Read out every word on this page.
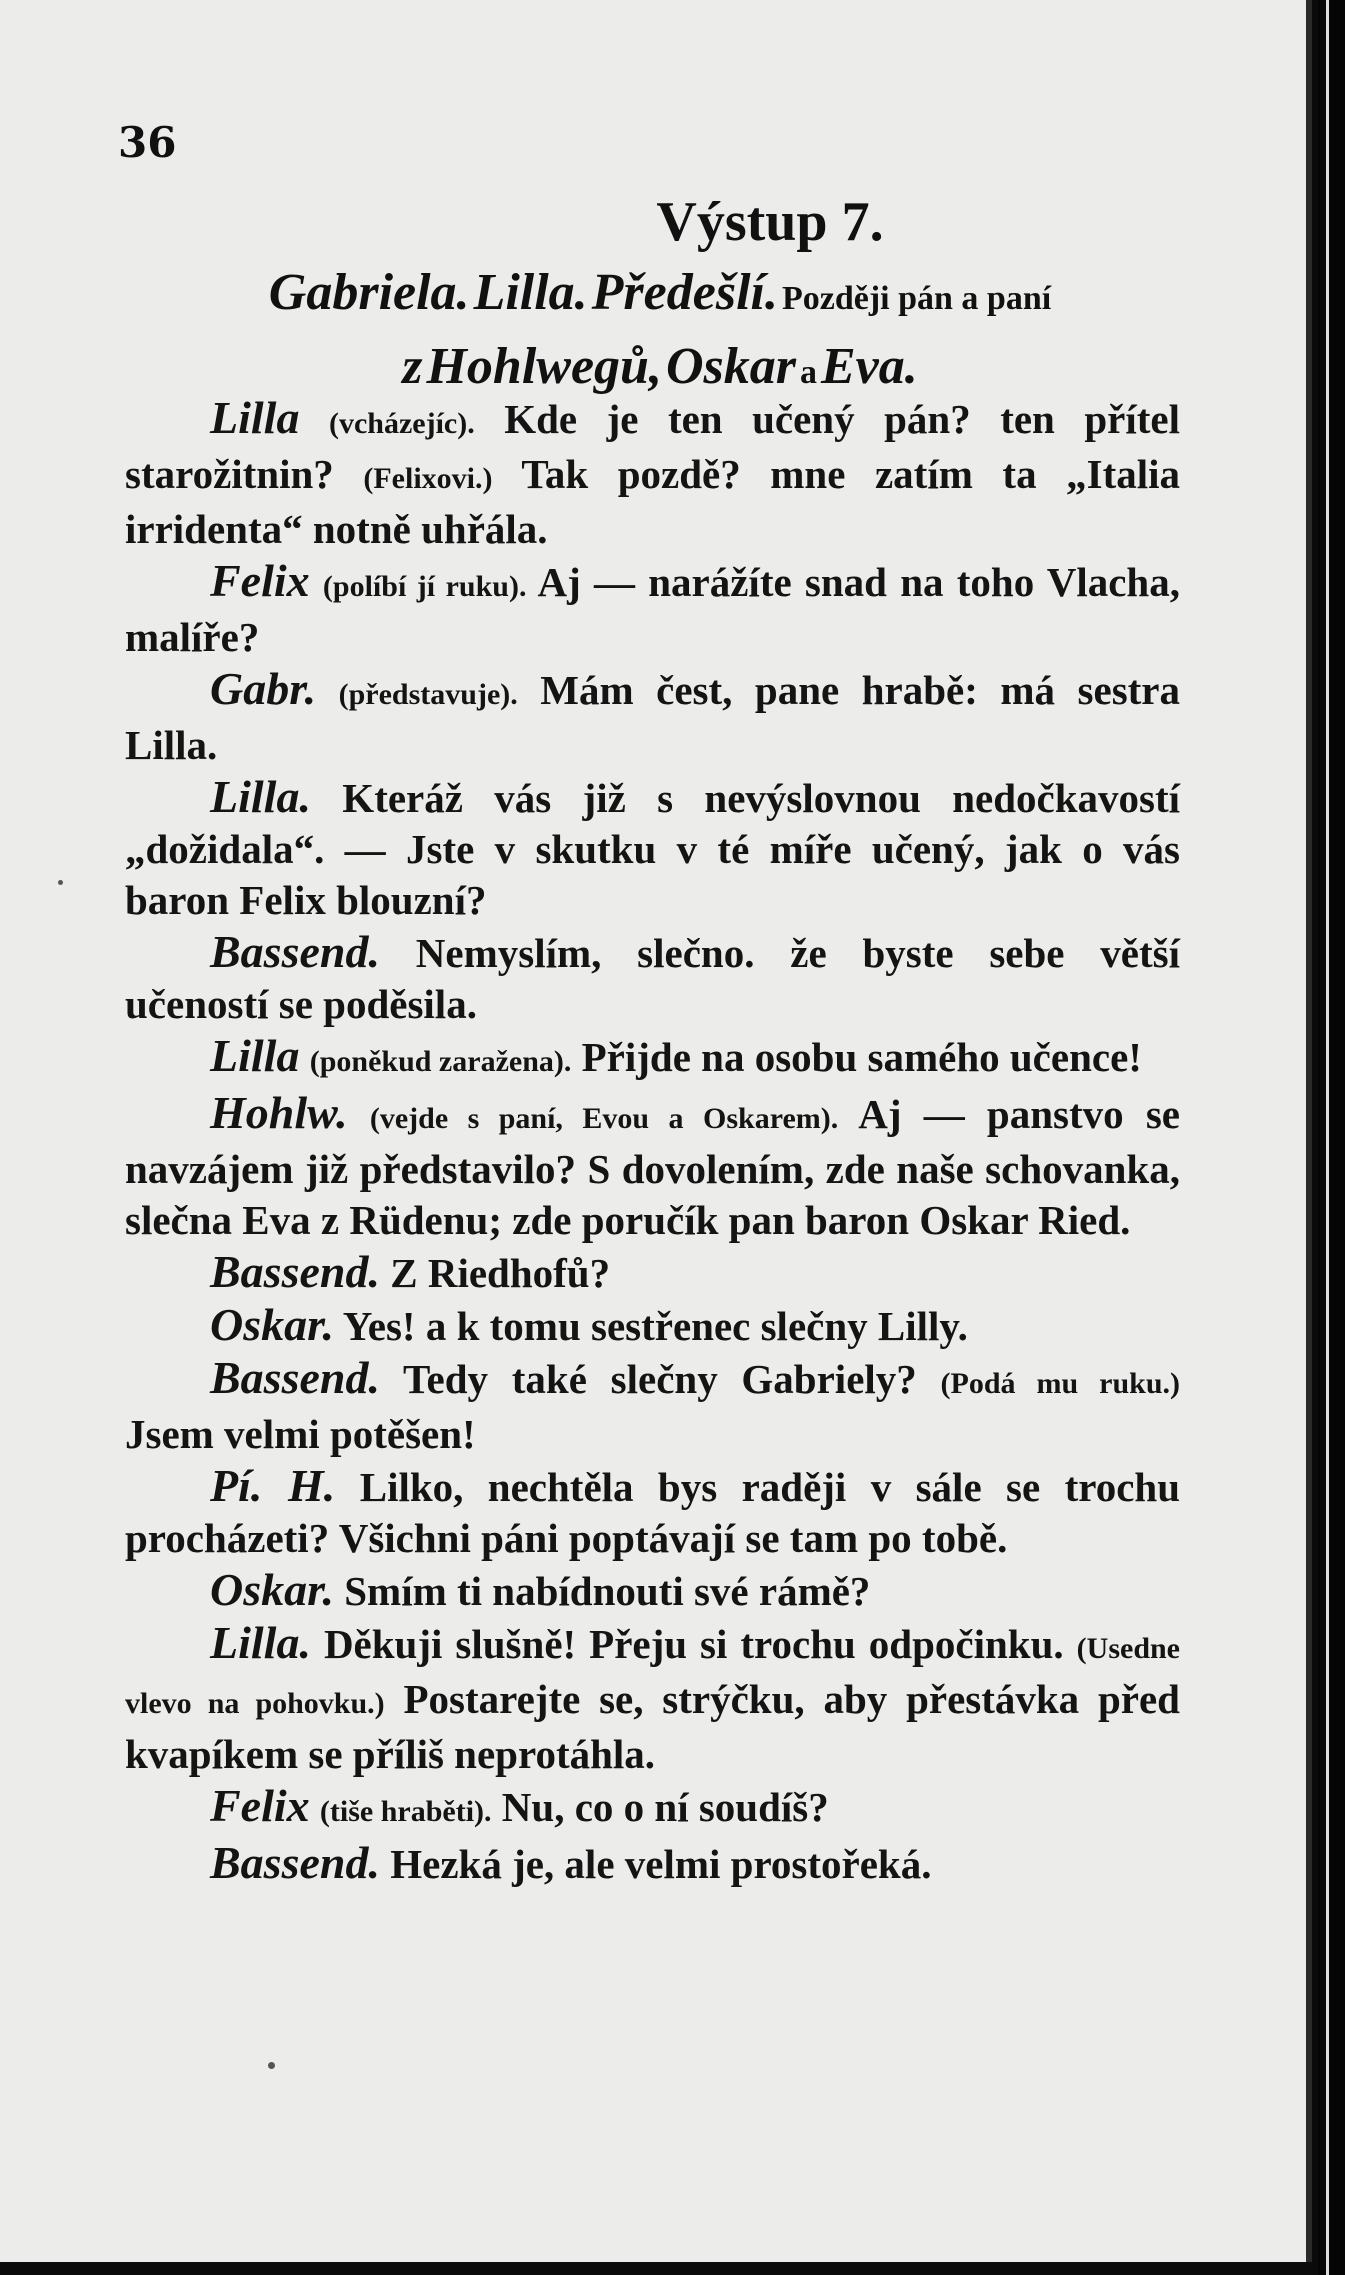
36
Výstup 7.
Gabriela. Lilla. Předešlí. Později pán a paní
z Hohlwegů, Oskar a Eva.

Lilla (vcházejíc). Kde je ten učený pán? ten přítel starožitnin? (Felixovi.) Tak pozdě? mne zatím ta „Italia irridenta“ notně uhřála.

Felix (políbí jí ruku). Aj — narážíte snad na toho Vlacha, malíře?

Gabr. (představuje). Mám čest, pane hrabě: má sestra Lilla.

Lilla. Kteráž vás již s nevýslovnou nedočkavostí „dožidala“. — Jste v skutku v té míře učený, jak o vás baron Felix blouzní?

Bassend. Nemyslím, slečno. že byste sebe větší učeností se poděsila.

Lilla (poněkud zaražena). Přijde na osobu samého učence!

Hohlw. (vejde s paní, Evou a Oskarem). Aj — panstvo se navzájem již představilo? S dovolením, zde naše schovanka, slečna Eva z Rüdenu; zde poručík pan baron Oskar Ried.

Bassend. Z Riedhofů?

Oskar. Yes! a k tomu sestřenec slečny Lilly.

Bassend. Tedy také slečny Gabriely? (Podá mu ruku.) Jsem velmi potěšen!

Pí. H. Lilko, nechtěla bys raději v sále se trochu procházeti? Všichni páni poptávají se tam po tobě.

Oskar. Smím ti nabídnouti své rámě?

Lilla. Děkuji slušně! Přeju si trochu odpočinku. (Usedne vlevo na pohovku.) Postarejte se, strýčku, aby přestávka před kvapíkem se příliš neprotáhla.

Felix (tiše hraběti). Nu, co o ní soudíš?

Bassend. Hezká je, ale velmi prostořeká.
